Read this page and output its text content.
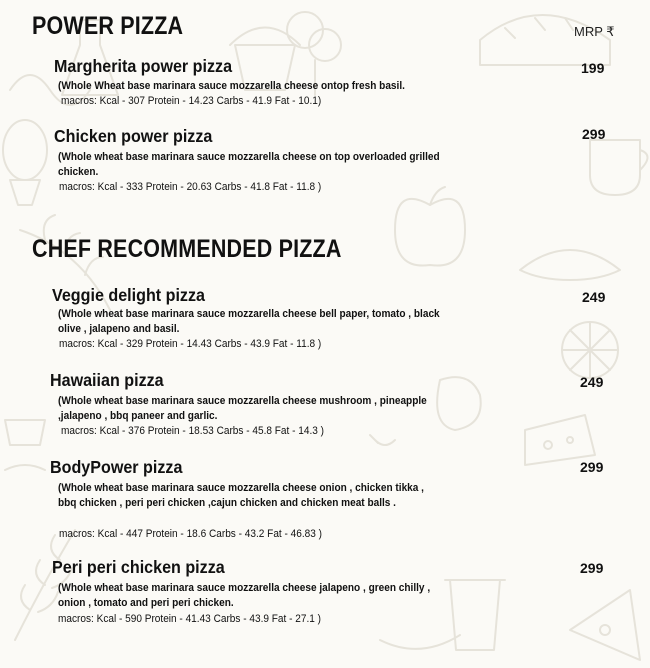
POWER PIZZA	MRP ₹
Margherita power pizza	199
(Whole Wheat base marinara sauce mozzarella cheese ontop fresh basil.
macros: Kcal - 307 Protein - 14.23 Carbs - 41.9 Fat - 10.1)
Chicken power pizza	299
(Whole wheat base marinara sauce mozzarella cheese on top overloaded grilled chicken.
macros: Kcal - 333 Protein - 20.63 Carbs - 41.8 Fat - 11.8 )
CHEF RECOMMENDED PIZZA
Veggie delight pizza	249
(Whole wheat base marinara sauce mozzarella cheese bell paper, tomato , black olive , jalapeno and basil.
macros: Kcal - 329 Protein - 14.43 Carbs - 43.9 Fat - 11.8 )
Hawaiian pizza	249
(Whole wheat base marinara sauce mozzarella cheese mushroom , pineapple ,jalapeno , bbq paneer and garlic.
macros: Kcal - 376 Protein - 18.53 Carbs - 45.8 Fat - 14.3 )
BodyPower pizza	299
(Whole wheat base marinara sauce mozzarella cheese onion , chicken tikka , bbq chicken , peri peri chicken ,cajun chicken and chicken meat balls .
macros: Kcal - 447 Protein - 18.6 Carbs - 43.2 Fat - 46.83 )
Peri peri chicken pizza	299
(Whole wheat base marinara sauce mozzarella cheese jalapeno , green chilly , onion , tomato and peri peri chicken.
macros: Kcal - 590 Protein - 41.43 Carbs - 43.9 Fat - 27.1 )
